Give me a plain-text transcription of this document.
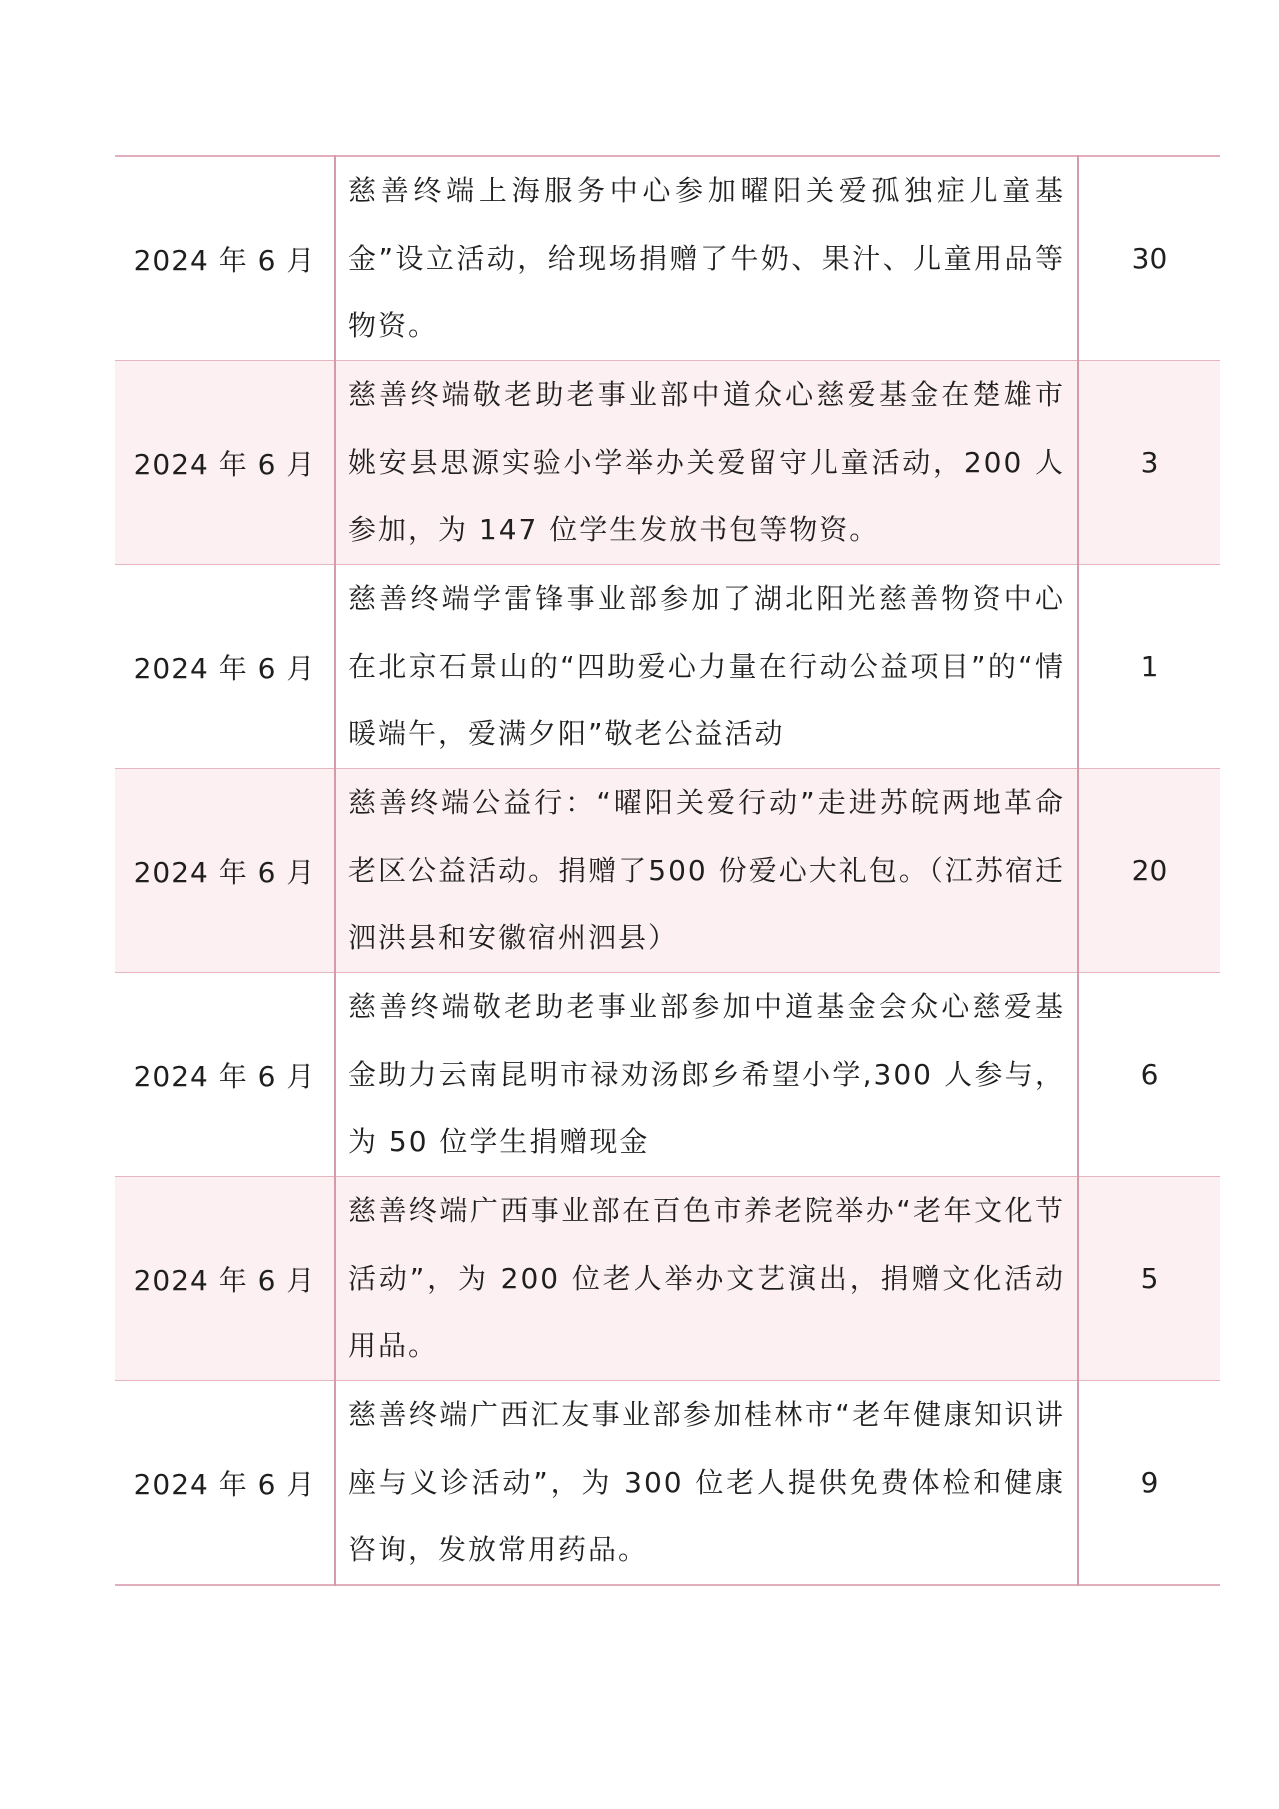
2024 年 6 月	慈善终端上海服务中心参加曜阳关爱孤独症儿童基金”设立活动，给现场捐赠了牛奶、果汁、儿童用品等物资。	30
2024 年 6 月	慈善终端敬老助老事业部中道众心慈爱基金在楚雄市姚安县思源实验小学举办关爱留守儿童活动，200 人参加，为 147 位学生发放书包等物资。	3
2024 年 6 月	慈善终端学雷锋事业部参加了湖北阳光慈善物资中心在北京石景山的“四助爱心力量在行动公益项目”的“情暖端午，爱满夕阳”敬老公益活动	1
2024 年 6 月	慈善终端公益行：“曜阳关爱行动”走进苏皖两地革命老区公益活动。捐赠了500 份爱心大礼包。（江苏宿迁泗洪县和安徽宿州泗县）	20
2024 年 6 月	慈善终端敬老助老事业部参加中道基金会众心慈爱基金助力云南昆明市禄劝汤郎乡希望小学,300 人参与，为 50 位学生捐赠现金	6
2024 年 6 月	慈善终端广西事业部在百色市养老院举办“老年文化节活动”，为 200 位老人举办文艺演出，捐赠文化活动用品。	5
2024 年 6 月	慈善终端广西汇友事业部参加桂林市“老年健康知识讲座与义诊活动”，为 300 位老人提供免费体检和健康咨询，发放常用药品。	9
